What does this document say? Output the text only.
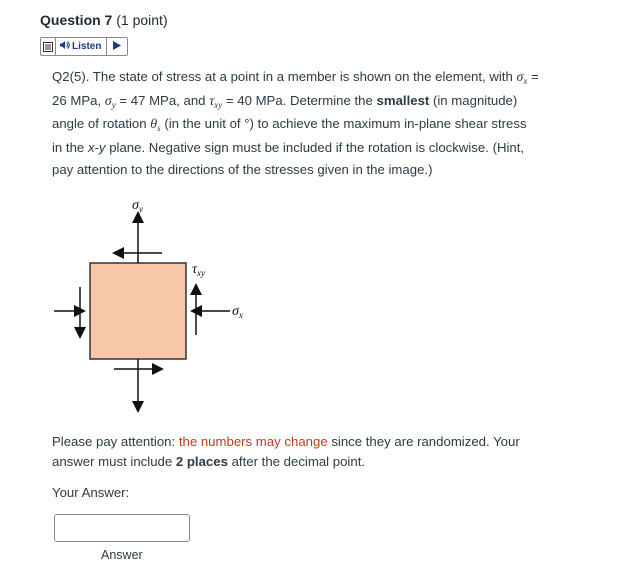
Question 7 (1 point)
Listen
Q2(5). The state of stress at a point in a member is shown on the element, with $\sigma_x = 26$ MPa, $\sigma_y = 47$ MPa, and $\tau_{xy} = 40$ MPa. Determine the smallest (in magnitude) angle of rotation $\theta_s$ (in the unit of °) to achieve the maximum in-plane shear stress in the x-y plane. Negative sign must be included if the rotation is clockwise. (Hint, pay attention to the directions of the stresses given in the image.)
$\sigma_y$
$\tau_{xy}$
$\sigma_x$
Please pay attention: the numbers may change since they are randomized. Your answer must include 2 places after the decimal point.
Your Answer:
Answer
